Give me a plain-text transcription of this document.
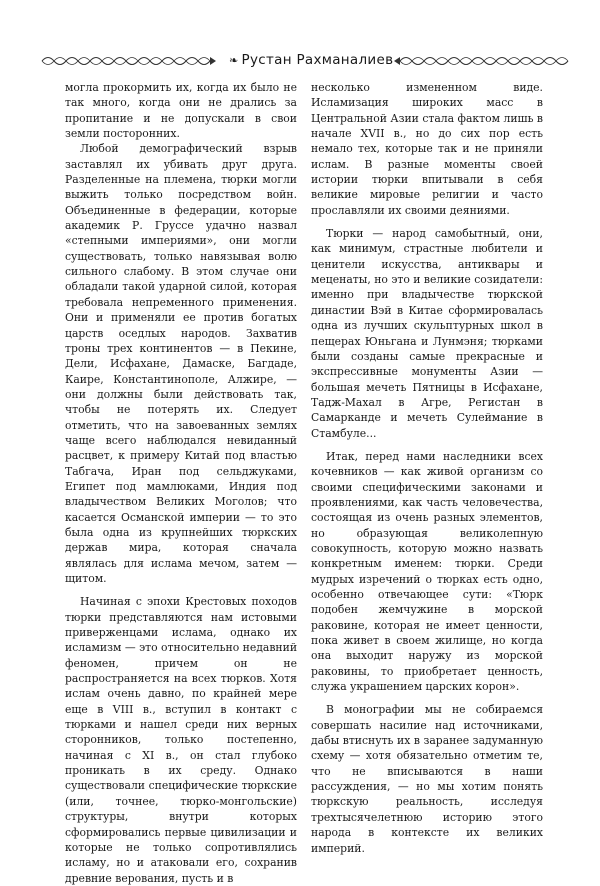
❧ Рустан Рахманалиев

могла прокормить их, когда их было не так много, когда они не дрались за пропитание и не допускали в свои земли посторонних.

Любой демографический взрыв заставлял их убивать друг друга. Разделенные на племена, тюрки могли выжить только посредством войн. Объединенные в федерации, которые академик Р. Груссе удачно назвал «степными империями», они могли существовать, только навязывая волю сильного слабому. В этом случае они обладали такой ударной силой, которая требовала непременного применения. Они и применяли ее против богатых царств оседлых народов. Захватив троны трех континентов — в Пекине, Дели, Исфахане, Дамаске, Багдаде, Каире, Константинополе, Алжире, — они должны были действовать так, чтобы не потерять их. Следует отметить, что на завоеванных землях чаще всего наблюдался невиданный расцвет, к примеру Китай под властью Табгача, Иран под сельджуками, Египет под мамлюками, Индия под владычеством Великих Моголов; что касается Османской империи — то это была одна из крупнейших тюркских держав мира, которая сначала являлась для ислама мечом, затем — щитом.

Начиная с эпохи Крестовых походов тюрки представляются нам истовыми приверженцами ислама, однако их исламизм — это относительно недавний феномен, причем он не распространяется на всех тюрков. Хотя ислам очень давно, по крайней мере еще в VIII в., вступил в контакт с тюрками и нашел среди них верных сторонников, только постепенно, начиная с XI в., он стал глубоко проникать в их среду. Однако существовали специфические тюркские (или, точнее, тюрко-монгольские) структуры, внутри которых сформировались первые цивилизации и которые не только сопротивлялись исламу, но и атаковали его, сохранив древние верования, пусть и в

несколько измененном виде. Исламизация широких масс в Центральной Азии стала фактом лишь в начале XVII в., но до сих пор есть немало тех, которые так и не приняли ислам. В разные моменты своей истории тюрки впитывали в себя великие мировые религии и часто прославляли их своими деяниями.

Тюрки — народ самобытный, они, как минимум, страстные любители и ценители искусства, антиквары и меценаты, но это и великие созидатели: именно при владычестве тюркской династии Вэй в Китае сформировалась одна из лучших скульптурных школ в пещерах Юньгана и Лунмэня; тюрками были созданы самые прекрасные и экспрессивные монументы Азии — большая мечеть Пятницы в Исфахане, Тадж-Махал в Агре, Регистан в Самарканде и мечеть Сулеймание в Стамбуле...

Итак, перед нами наследники всех кочевников — как живой организм со своими специфическими законами и проявлениями, как часть человечества, состоящая из очень разных элементов, но образующая великолепную совокупность, которую можно назвать конкретным именем: тюрки. Среди мудрых изречений о тюрках есть одно, особенно отвечающее сути: «Тюрк подобен жемчужине в морской раковине, которая не имеет ценности, пока живет в своем жилище, но когда она выходит наружу из морской раковины, то приобретает ценность, служа украшением царских корон».

В монографии мы не собираемся совершать насилие над источниками, дабы втиснуть их в заранее задуманную схему — хотя обязательно отметим те, что не вписываются в наши рассуждения, — но мы хотим понять тюркскую реальность, исследуя трехтысячелетнюю историю этого народа в контексте их великих империй.
